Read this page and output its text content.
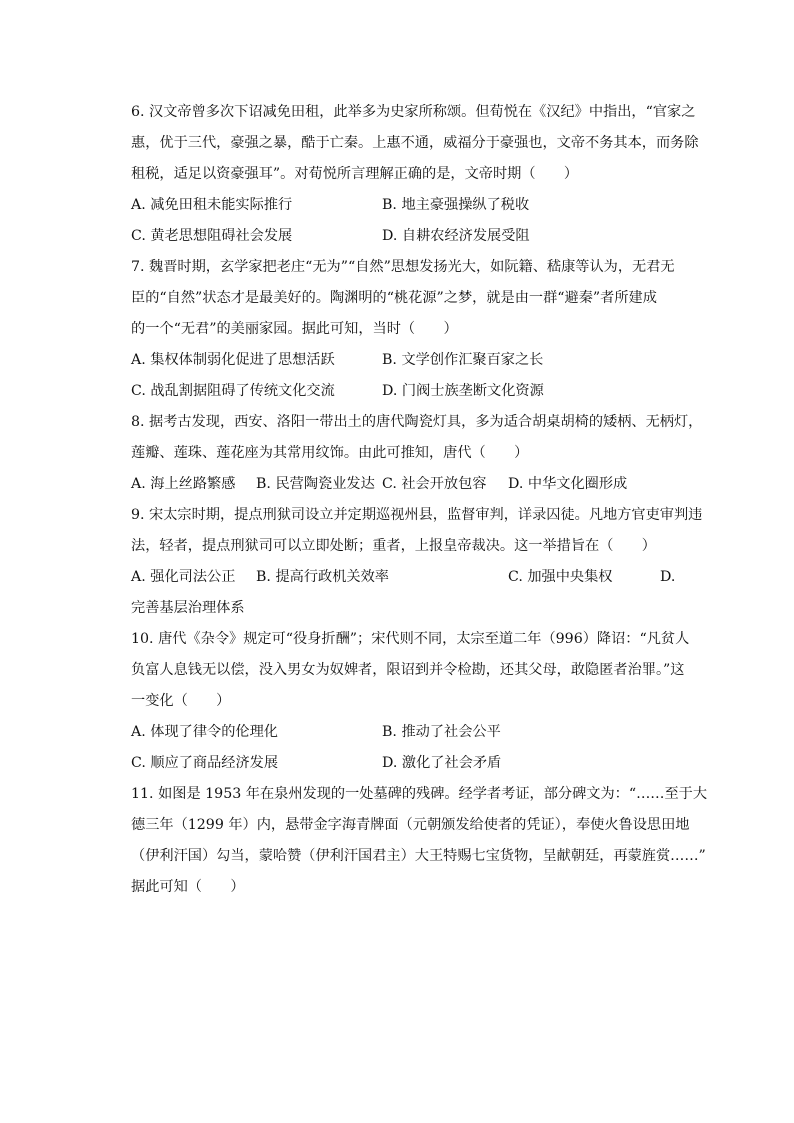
6. 汉文帝曾多次下诏减免田租，此举多为史家所称颂。但荀悦在《汉纪》中指出，“官家之
惠，优于三代，豪强之暴，酷于亡秦。上惠不通，威福分于豪强也，文帝不务其本，而务除
租税，适足以资豪强耳”。对荀悦所言理解正确的是，文帝时期（　　）
A. 减免田租未能实际推行	B. 地主豪强操纵了税收
C. 黄老思想阻碍社会发展	D. 自耕农经济发展受阻
7. 魏晋时期，玄学家把老庄“无为”“自然”思想发扬光大，如阮籍、嵇康等认为，无君无
臣的“自然”状态才是最美好的。陶渊明的“桃花源”之梦，就是由一群“避秦”者所建成
的一个“无君”的美丽家园。据此可知，当时（　　）
A. 集权体制弱化促进了思想活跃	B. 文学创作汇聚百家之长
C. 战乱割据阻碍了传统文化交流	D. 门阀士族垄断文化资源
8. 据考古发现，西安、洛阳一带出土的唐代陶瓷灯具，多为适合胡桌胡椅的矮柄、无柄灯，
莲瓣、莲珠、莲花座为其常用纹饰。由此可推知，唐代（　　）
A. 海上丝路繁感 B. 民营陶瓷业发达 C. 社会开放包容 D. 中华文化圈形成
9. 宋太宗时期，提点刑狱司设立并定期巡视州县，监督审判，详录囚徒。凡地方官吏审判违
法，轻者，提点刑狱司可以立即处断；重者，上报皇帝裁决。这一举措旨在（　　）
A. 强化司法公正 B. 提高行政机关效率	C. 加强中央集权	D.
完善基层治理体系
10. 唐代《杂令》规定可“役身折酬”；宋代则不同，太宗至道二年（996）降诏：“凡贫人
负富人息钱无以偿，没入男女为奴婢者，限诏到并令检勘，还其父母，敢隐匿者治罪。”这
一变化（　　）
A. 体现了律令的伦理化	B. 推动了社会公平
C. 顺应了商品经济发展	D. 激化了社会矛盾
11. 如图是 1953 年在泉州发现的一处墓碑的残碑。经学者考证，部分碑文为：“……至于大
德三年（1299 年）内，悬带金字海青牌面（元朝颁发给使者的凭证），奉使火鲁设思田地
（伊利汗国）勾当，蒙哈赞（伊利汗国君主）大王特赐七宝货物，呈献朝廷，再蒙旌赏……”
据此可知（　　）
